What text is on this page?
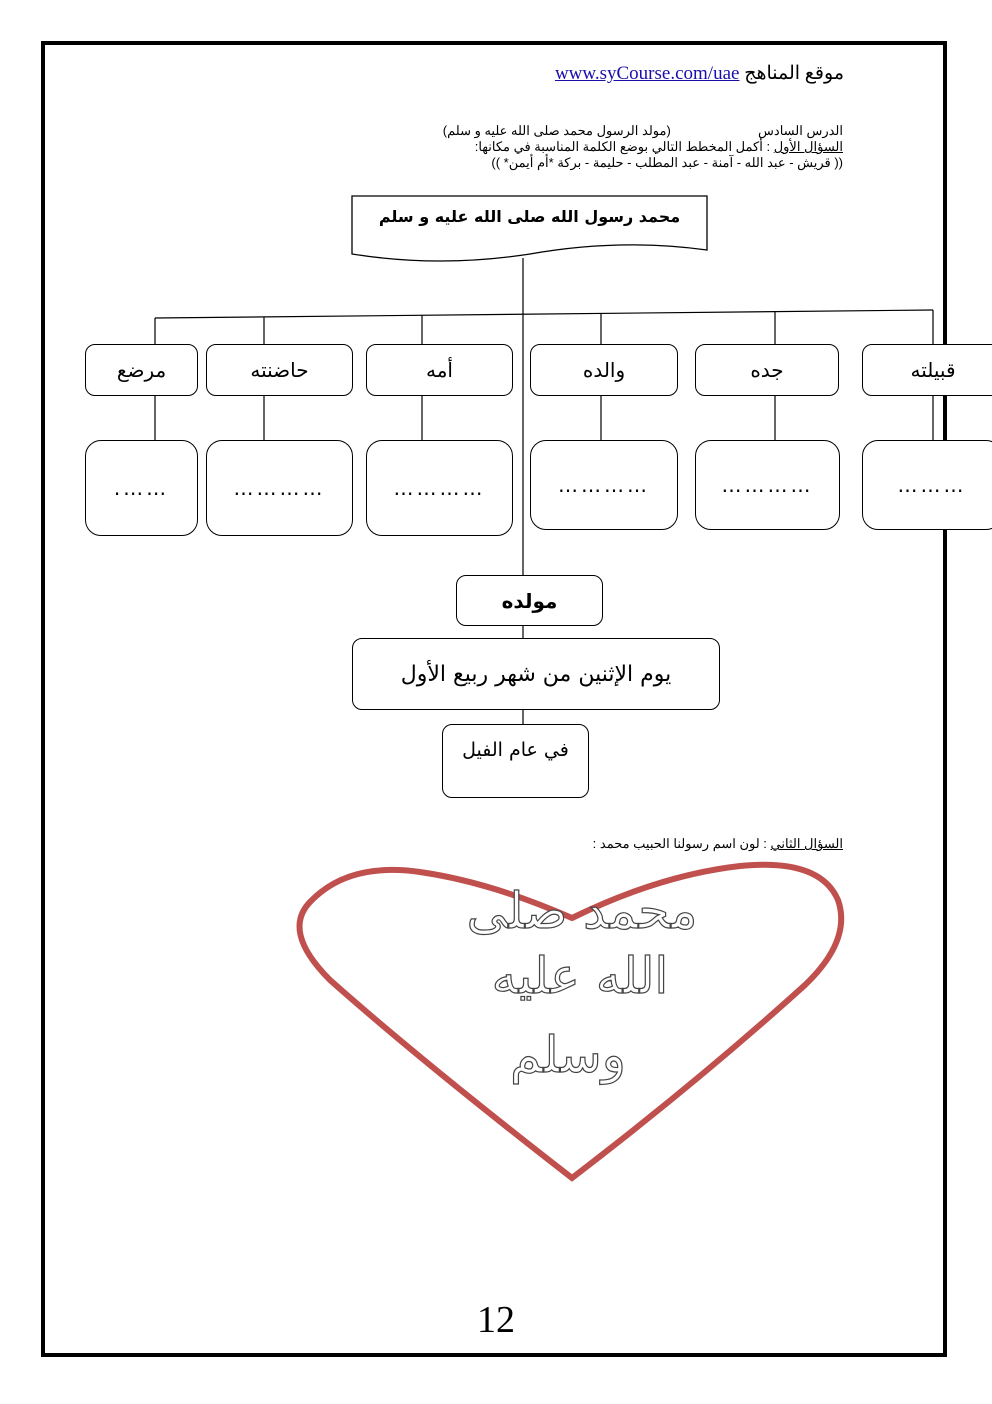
موقع المناهج www.syCourse.com/uae
الدرس السادس  (مولد الرسول محمد صلى الله عليه و سلم)
السؤال الأول : أكمل المخطط التالي بوضع الكلمة المناسبة في مكانها:
(( قريش - عبد الله - آمنة - عبد المطلب - حليمة - بركة *أم أيمن* ))
محمد رسول الله صلى الله عليه و سلم
قبيلته
جده
والده
أمه
حاضنته
مرضع
………
…………
…………
…………
…………
…….
مولده
يوم الإثنين من شهر ربيع الأول
في عام الفيل
السؤال الثاني : لون اسم رسولنا الحبيب محمد :
محمد صلى
الله عليه
وسلم
12
